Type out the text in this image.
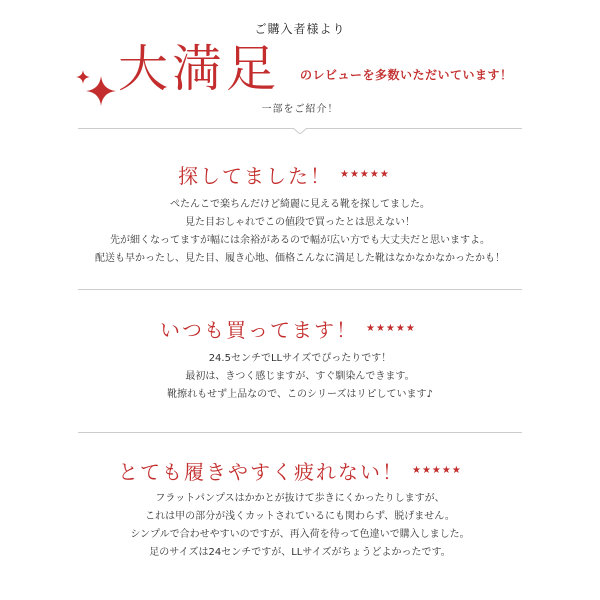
ご購入者様より
大満足 のレビューを多数いただいています！
一部をご紹介！
探してました！ ★★★★★

ぺたんこで楽ちんだけど綺麗に見える靴を探してました。

見た目おしゃれでこの値段で買ったとは思えない！

先が細くなってますが幅には余裕があるので幅が広い方でも大丈夫だと思いますよ。

配送も早かったし、見た目、履き心地、価格こんなに満足した靴はなかなかなかったかも！

いつも買ってます！ ★★★★★

24.5センチでLLサイズでぴったりです！

最初は、きつく感じますが、すぐ馴染んできます。

靴擦れもせず上品なので、このシリーズはリピしています♪

とても履きやすく疲れない！ ★★★★★

フラットパンプスはかかとが抜けて歩きにくかったりしますが、

これは甲の部分が浅くカットされているにも関わらず、脱げません。

シンプルで合わせやすいのですが、再入荷を待って色違いで購入しました。

足のサイズは24センチですが、LLサイズがちょうどよかったです。
